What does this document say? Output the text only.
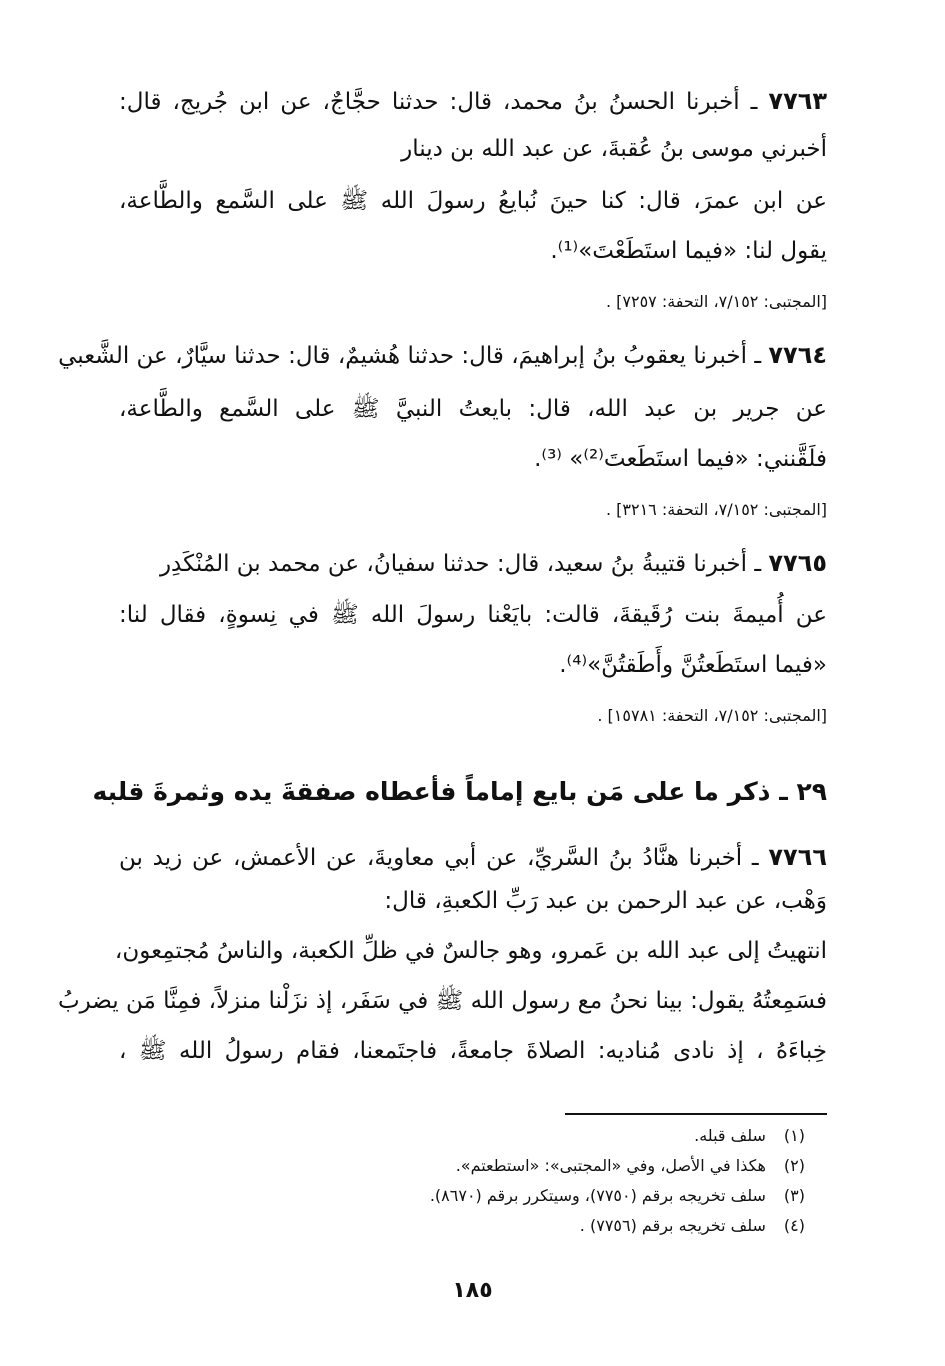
٧٧٦٣ ـ أخبرنا الحسنُ بنُ محمد، قال: حدثنا حجَّاجٌ، عن ابن جُريج، قال:
أخبرني موسى بنُ عُقبةَ، عن عبد الله بن دينار
عن ابن عمرَ، قال: كنا حينَ نُبايعُ رسولَ الله ﷺ على السَّمع والطَّاعة،
يقول لنا: «فيما استَطَعْتَ»⁽¹⁾.
[المجتبى: ٧/١٥٢، التحفة: ٧٢٥٧] .
٧٧٦٤ ـ أخبرنا يعقوبُ بنُ إبراهيمَ، قال: حدثنا هُشيمٌ، قال: حدثنا سيَّارٌ، عن الشَّعبي
عن جرير بن عبد الله، قال: بايعتُ النبيَّ ﷺ على السَّمع والطَّاعة،
فلَقَّنني: «فيما استَطَعتَ⁽²⁾» ⁽³⁾.
[المجتبى: ٧/١٥٢، التحفة: ٣٢١٦] .
٧٧٦٥ ـ أخبرنا قتيبةُ بنُ سعيد، قال: حدثنا سفيانُ، عن محمد بن المُنْكَدِر
عن أُميمةَ بنت رُقَيقةَ، قالت: بايَعْنا رسولَ الله ﷺ في نِسوةٍ، فقال لنا:
«فيما استَطَعتُنَّ وأَطَقتُنَّ»⁽⁴⁾.
[المجتبى: ٧/١٥٢، التحفة: ١٥٧٨١] .
٢٩ ـ ذكر ما على مَن بايع إماماً فأعطاه صفقةَ يده وثمرةَ قلبه
٧٧٦٦ ـ أخبرنا هنَّادُ بنُ السَّريِّ، عن أبي معاويةَ، عن الأعمش، عن زيد بن
وَهْب، عن عبد الرحمن بن عبد رَبِّ الكعبةِ، قال:
انتهيتُ إلى عبد الله بن عَمرو، وهو جالسٌ في ظلِّ الكعبة، والناسُ مُجتمِعون،
فسَمِعتُهُ يقول: بينا نحنُ مع رسول الله ﷺ في سَفَر، إذ نزَلْنا منزلاً، فمِنَّا مَن يضربُ
خِباءَهُ ، إذ نادى مُناديه: الصلاةَ جامعةً، فاجتَمعنا، فقام رسولُ الله ﷺ ،
(١) سلف قبله.
(٢) هكذا في الأصل، وفي «المجتبى»: «استطعتم».
(٣) سلف تخريجه برقم (٧٧٥٠)، وسيتكرر برقم (٨٦٧٠).
(٤) سلف تخريجه برقم (٧٧٥٦) .
١٨٥
